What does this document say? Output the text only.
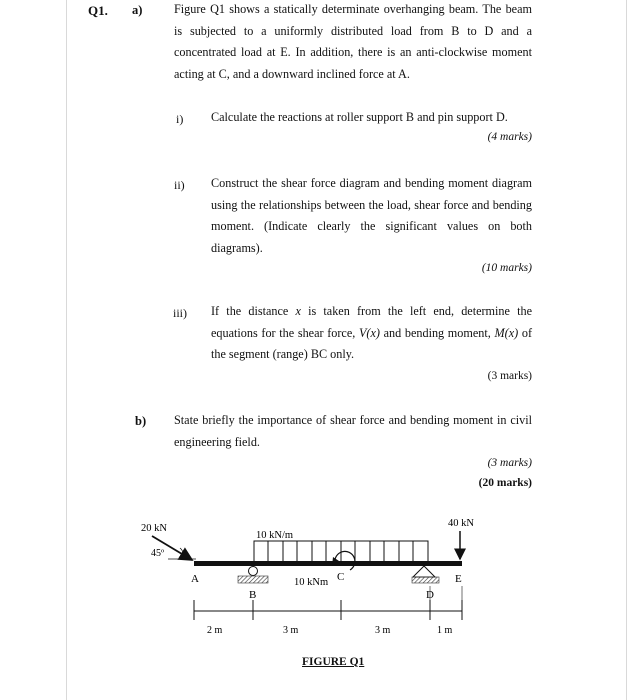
Q1. a)	Figure Q1 shows a statically determinate overhanging beam. The beam is subjected to a uniformly distributed load from B to D and a concentrated load at E. In addition, there is an anti-clockwise moment acting at C, and a downward inclined force at A.
i) Calculate the reactions at roller support B and pin support D.
(4 marks)
ii) Construct the shear force diagram and bending moment diagram using the relationships between the load, shear force and bending moment. (Indicate clearly the significant values on both diagrams).
(10 marks)
iii) If the distance x is taken from the left end, determine the equations for the shear force, V(x) and bending moment, M(x) of the segment (range) BC only.
(3 marks)
b) State briefly the importance of shear force and bending moment in civil engineering field.
(3 marks)
(20 marks)
20 kN
45º
10 kN/m
40 kN
10 kNm
A
B
C
D
E
2 m	3 m	3 m	1 m
FIGURE Q1
